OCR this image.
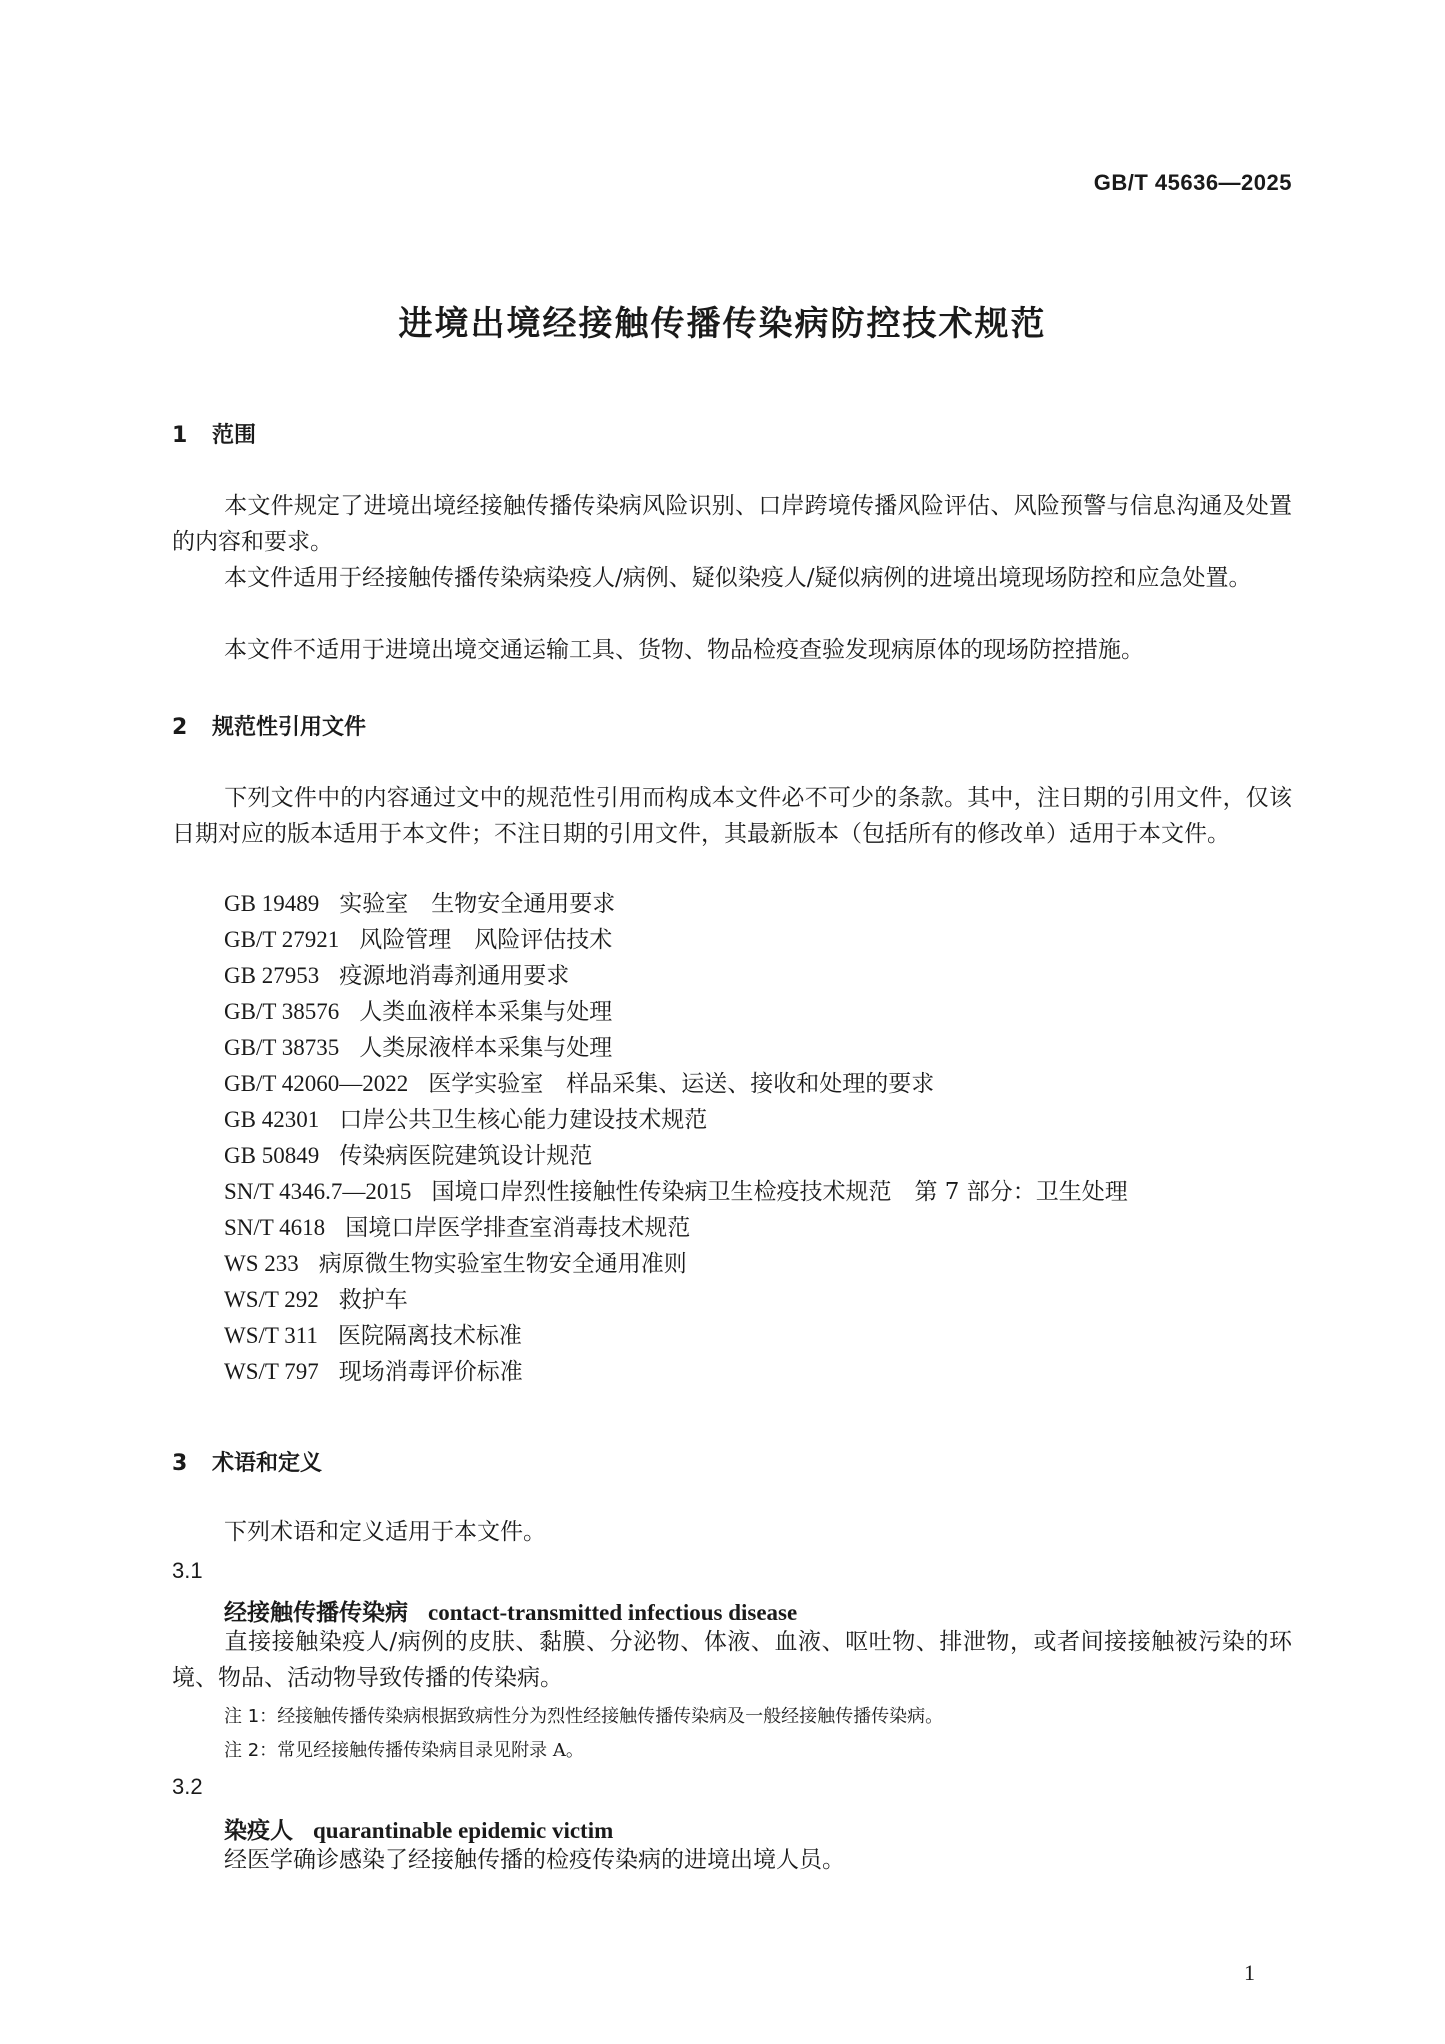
GB/T 45636—2025
进境出境经接触传播传染病防控技术规范
1 范围
本文件规定了进境出境经接触传播传染病风险识别、口岸跨境传播风险评估、风险预警与信息沟通及处置的内容和要求。
本文件适用于经接触传播传染病染疫人/病例、疑似染疫人/疑似病例的进境出境现场防控和应急处置。
本文件不适用于进境出境交通运输工具、货物、物品检疫查验发现病原体的现场防控措施。
2 规范性引用文件
下列文件中的内容通过文中的规范性引用而构成本文件必不可少的条款。其中，注日期的引用文件，仅该日期对应的版本适用于本文件；不注日期的引用文件，其最新版本（包括所有的修改单）适用于本文件。
GB 19489 实验室　生物安全通用要求
GB/T 27921 风险管理　风险评估技术
GB 27953 疫源地消毒剂通用要求
GB/T 38576 人类血液样本采集与处理
GB/T 38735 人类尿液样本采集与处理
GB/T 42060—2022 医学实验室　样品采集、运送、接收和处理的要求
GB 42301 口岸公共卫生核心能力建设技术规范
GB 50849 传染病医院建筑设计规范
SN/T 4346.7—2015 国境口岸烈性接触性传染病卫生检疫技术规范　第 7 部分：卫生处理
SN/T 4618 国境口岸医学排查室消毒技术规范
WS 233 病原微生物实验室生物安全通用准则
WS/T 292 救护车
WS/T 311 医院隔离技术标准
WS/T 797 现场消毒评价标准
3 术语和定义
下列术语和定义适用于本文件。
3.1
经接触传播传染病 contact-transmitted infectious disease
直接接触染疫人/病例的皮肤、黏膜、分泌物、体液、血液、呕吐物、排泄物，或者间接接触被污染的环境、物品、活动物导致传播的传染病。
注 1：经接触传播传染病根据致病性分为烈性经接触传播传染病及一般经接触传播传染病。
注 2：常见经接触传播传染病目录见附录 A。
3.2
染疫人 quarantinable epidemic victim
经医学确诊感染了经接触传播的检疫传染病的进境出境人员。
1
